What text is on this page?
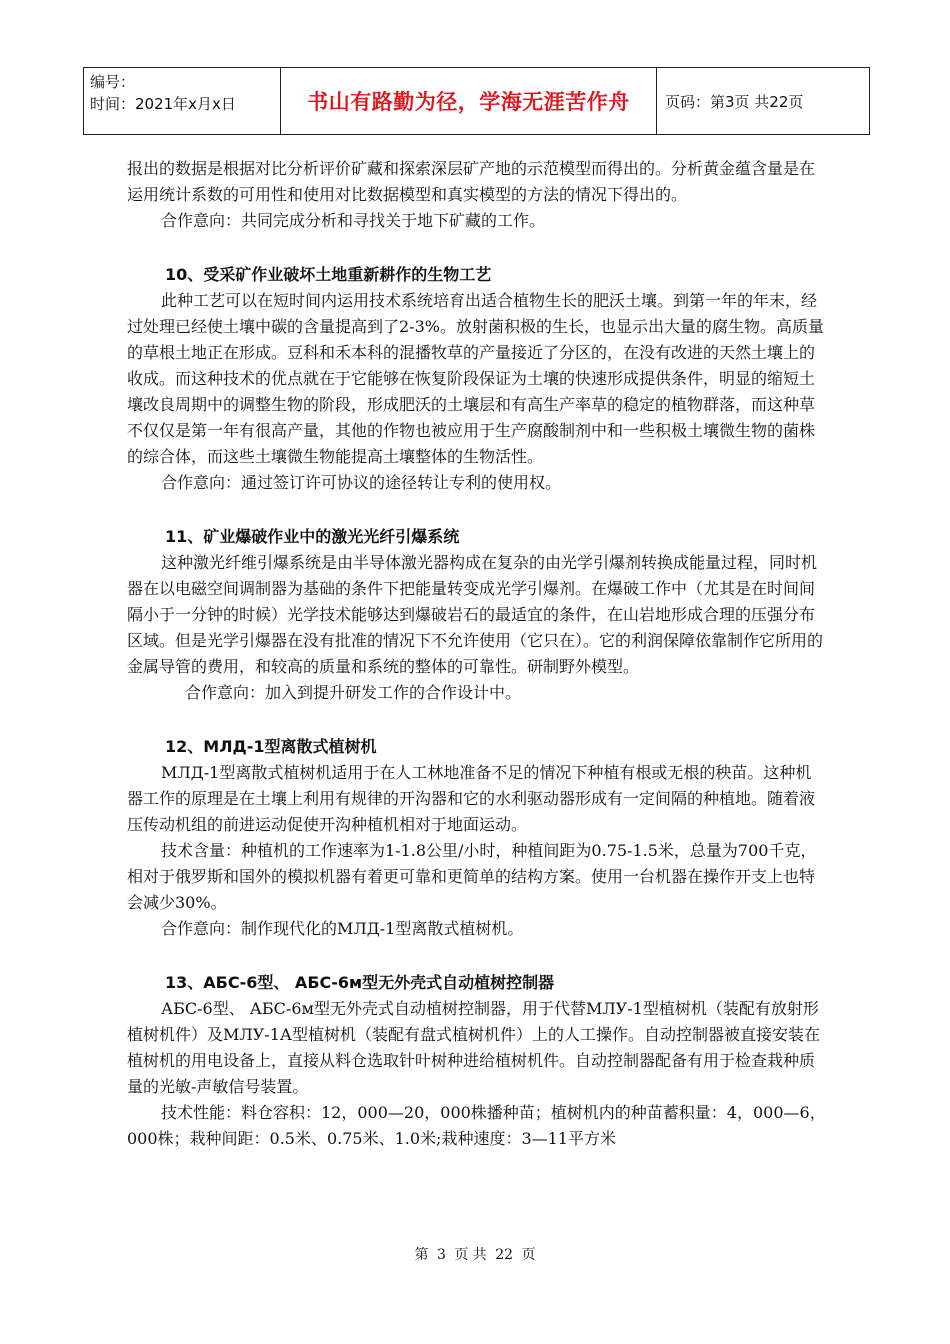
编号：
时间：2021年x月x日	书山有路勤为径，学海无涯苦作舟	页码：第3页 共22页

报出的数据是根据对比分析评价矿藏和探索深层矿产地的示范模型而得出的。分析黄金蕴含量是在运用统计系数的可用性和使用对比数据模型和真实模型的方法的情况下得出的。

合作意向：共同完成分析和寻找关于地下矿藏的工作。

10、受采矿作业破坏土地重新耕作的生物工艺

此种工艺可以在短时间内运用技术系统培育出适合植物生长的肥沃土壤。到第一年的年末，经过处理已经使土壤中碳的含量提高到了2-3%。放射菌积极的生长，也显示出大量的腐生物。高质量的草根土地正在形成。豆科和禾本科的混播牧草的产量接近了分区的，在没有改进的天然土壤上的收成。而这种技术的优点就在于它能够在恢复阶段保证为土壤的快速形成提供条件，明显的缩短土壤改良周期中的调整生物的阶段，形成肥沃的土壤层和有高生产率草的稳定的植物群落，而这种草不仅仅是第一年有很高产量，其他的作物也被应用于生产腐酸制剂中和一些积极土壤微生物的菌株的综合体，而这些土壤微生物能提高土壤整体的生物活性。

合作意向：通过签订许可协议的途径转让专利的使用权。

11、矿业爆破作业中的激光光纤引爆系统

这种激光纤维引爆系统是由半导体激光器构成在复杂的由光学引爆剂转换成能量过程，同时机器在以电磁空间调制器为基础的条件下把能量转变成光学引爆剂。在爆破工作中（尤其是在时间间隔小于一分钟的时候）光学技术能够达到爆破岩石的最适宜的条件，在山岩地形成合理的压强分布区域。但是光学引爆器在没有批准的情况下不允许使用（它只在）。它的利润保障依靠制作它所用的金属导管的费用，和较高的质量和系统的整体的可靠性。研制野外模型。

合作意向：加入到提升研发工作的合作设计中。

12、МЛД-1型离散式植树机

МЛД-1型离散式植树机适用于在人工林地准备不足的情况下种植有根或无根的秧苗。这种机器工作的原理是在土壤上利用有规律的开沟器和它的水利驱动器形成有一定间隔的种植地。随着液压传动机组的前进运动促使开沟种植机相对于地面运动。

技术含量：种植机的工作速率为1-1.8公里/小时，种植间距为0.75-1.5米，总量为700千克，相对于俄罗斯和国外的模拟机器有着更可靠和更简单的结构方案。使用一台机器在操作开支上也特会减少30%。

合作意向：制作现代化的МЛД-1型离散式植树机。

13、АБС-6型、 АБС-6м型无外壳式自动植树控制器

АБС-6型、 АБС-6м型无外壳式自动植树控制器，用于代替МЛУ-1型植树机（装配有放射形植树机件）及МЛУ-1А型植树机（装配有盘式植树机件）上的人工操作。自动控制器被直接安装在植树机的用电设备上，直接从料仓选取针叶树种进给植树机件。自动控制器配备有用于检查栽种质量的光敏-声敏信号装置。

技术性能：料仓容积：12，000—20，000株播种苗；植树机内的种苗蓄积量：4，000—6，000株；栽种间距：0.5米、0.75米、1.0米;栽种速度：3—11平方米

第 3 页 共 22 页
